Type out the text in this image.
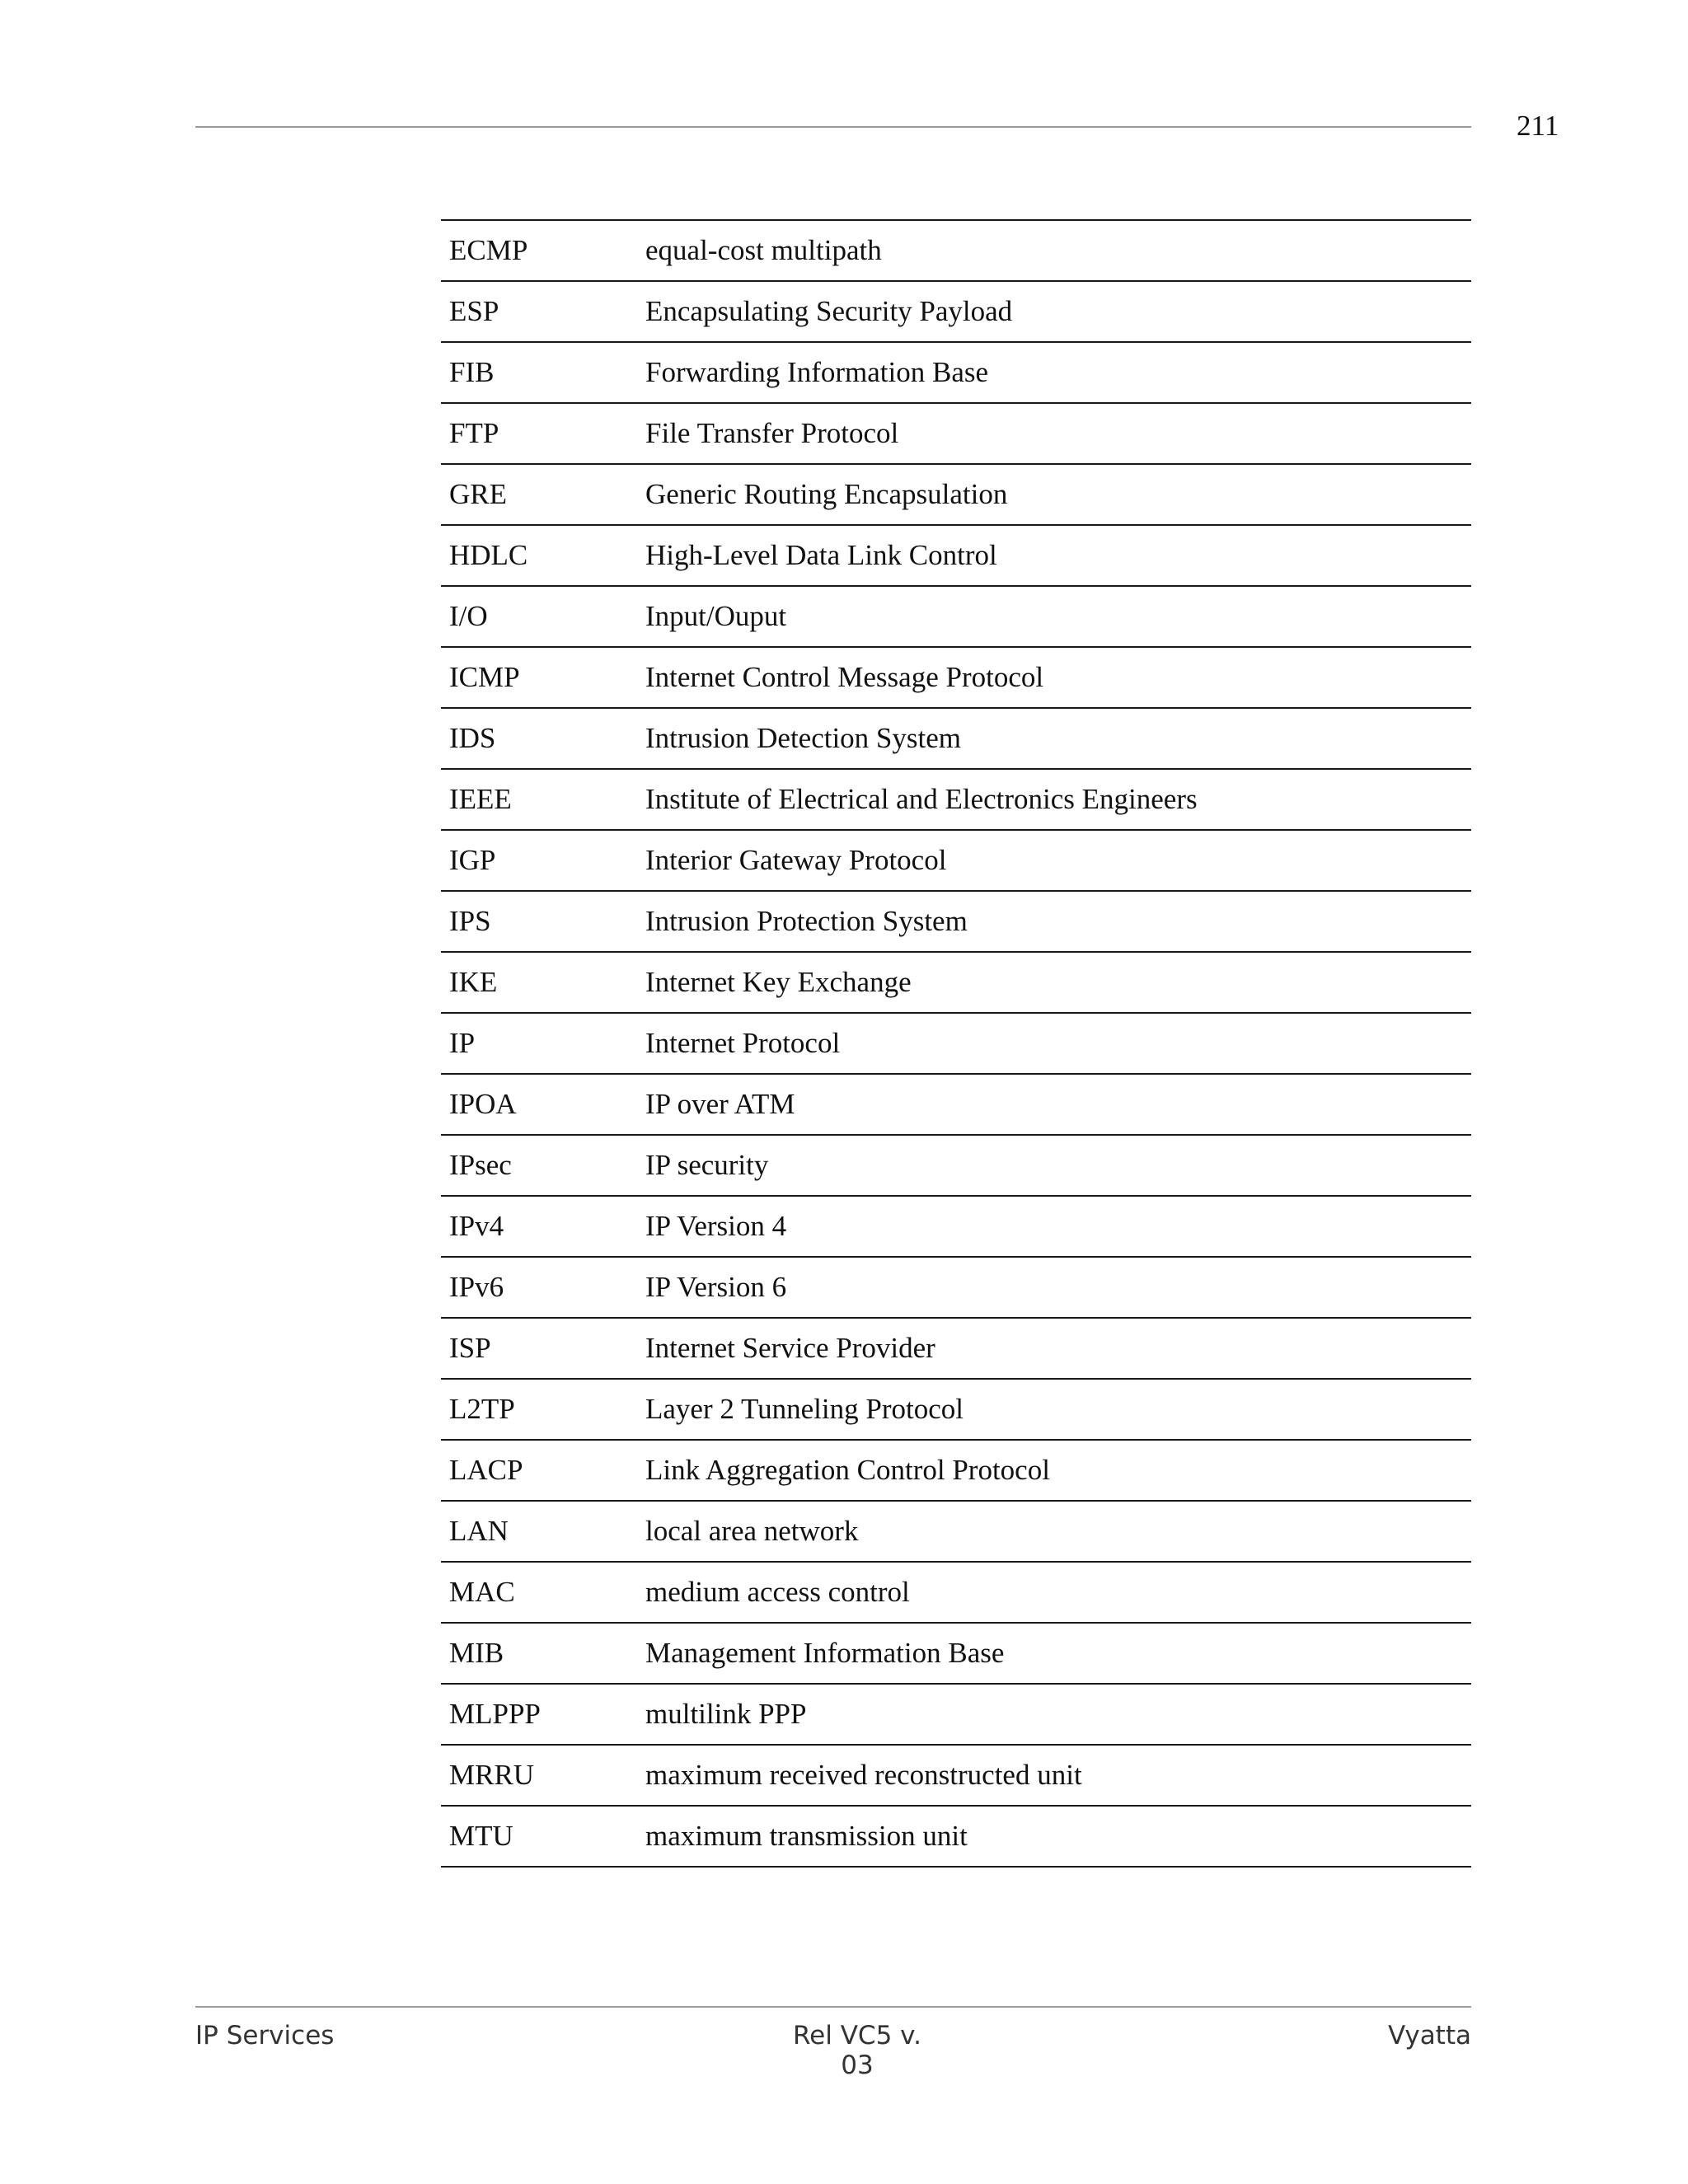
211
ECMP	equal-cost multipath
ESP	Encapsulating Security Payload
FIB	Forwarding Information Base
FTP	File Transfer Protocol
GRE	Generic Routing Encapsulation
HDLC	High-Level Data Link Control
I/O	Input/Ouput
ICMP	Internet Control Message Protocol
IDS	Intrusion Detection System
IEEE	Institute of Electrical and Electronics Engineers
IGP	Interior Gateway Protocol
IPS	Intrusion Protection System
IKE	Internet Key Exchange
IP	Internet Protocol
IPOA	IP over ATM
IPsec	IP security
IPv4	IP Version 4
IPv6	IP Version 6
ISP	Internet Service Provider
L2TP	Layer 2 Tunneling Protocol
LACP	Link Aggregation Control Protocol
LAN	local area network
MAC	medium access control
MIB	Management Information Base
MLPPP	multilink PPP
MRRU	maximum received reconstructed unit
MTU	maximum transmission unit
IP Services	Rel VC5 v. 03
Vyatta
